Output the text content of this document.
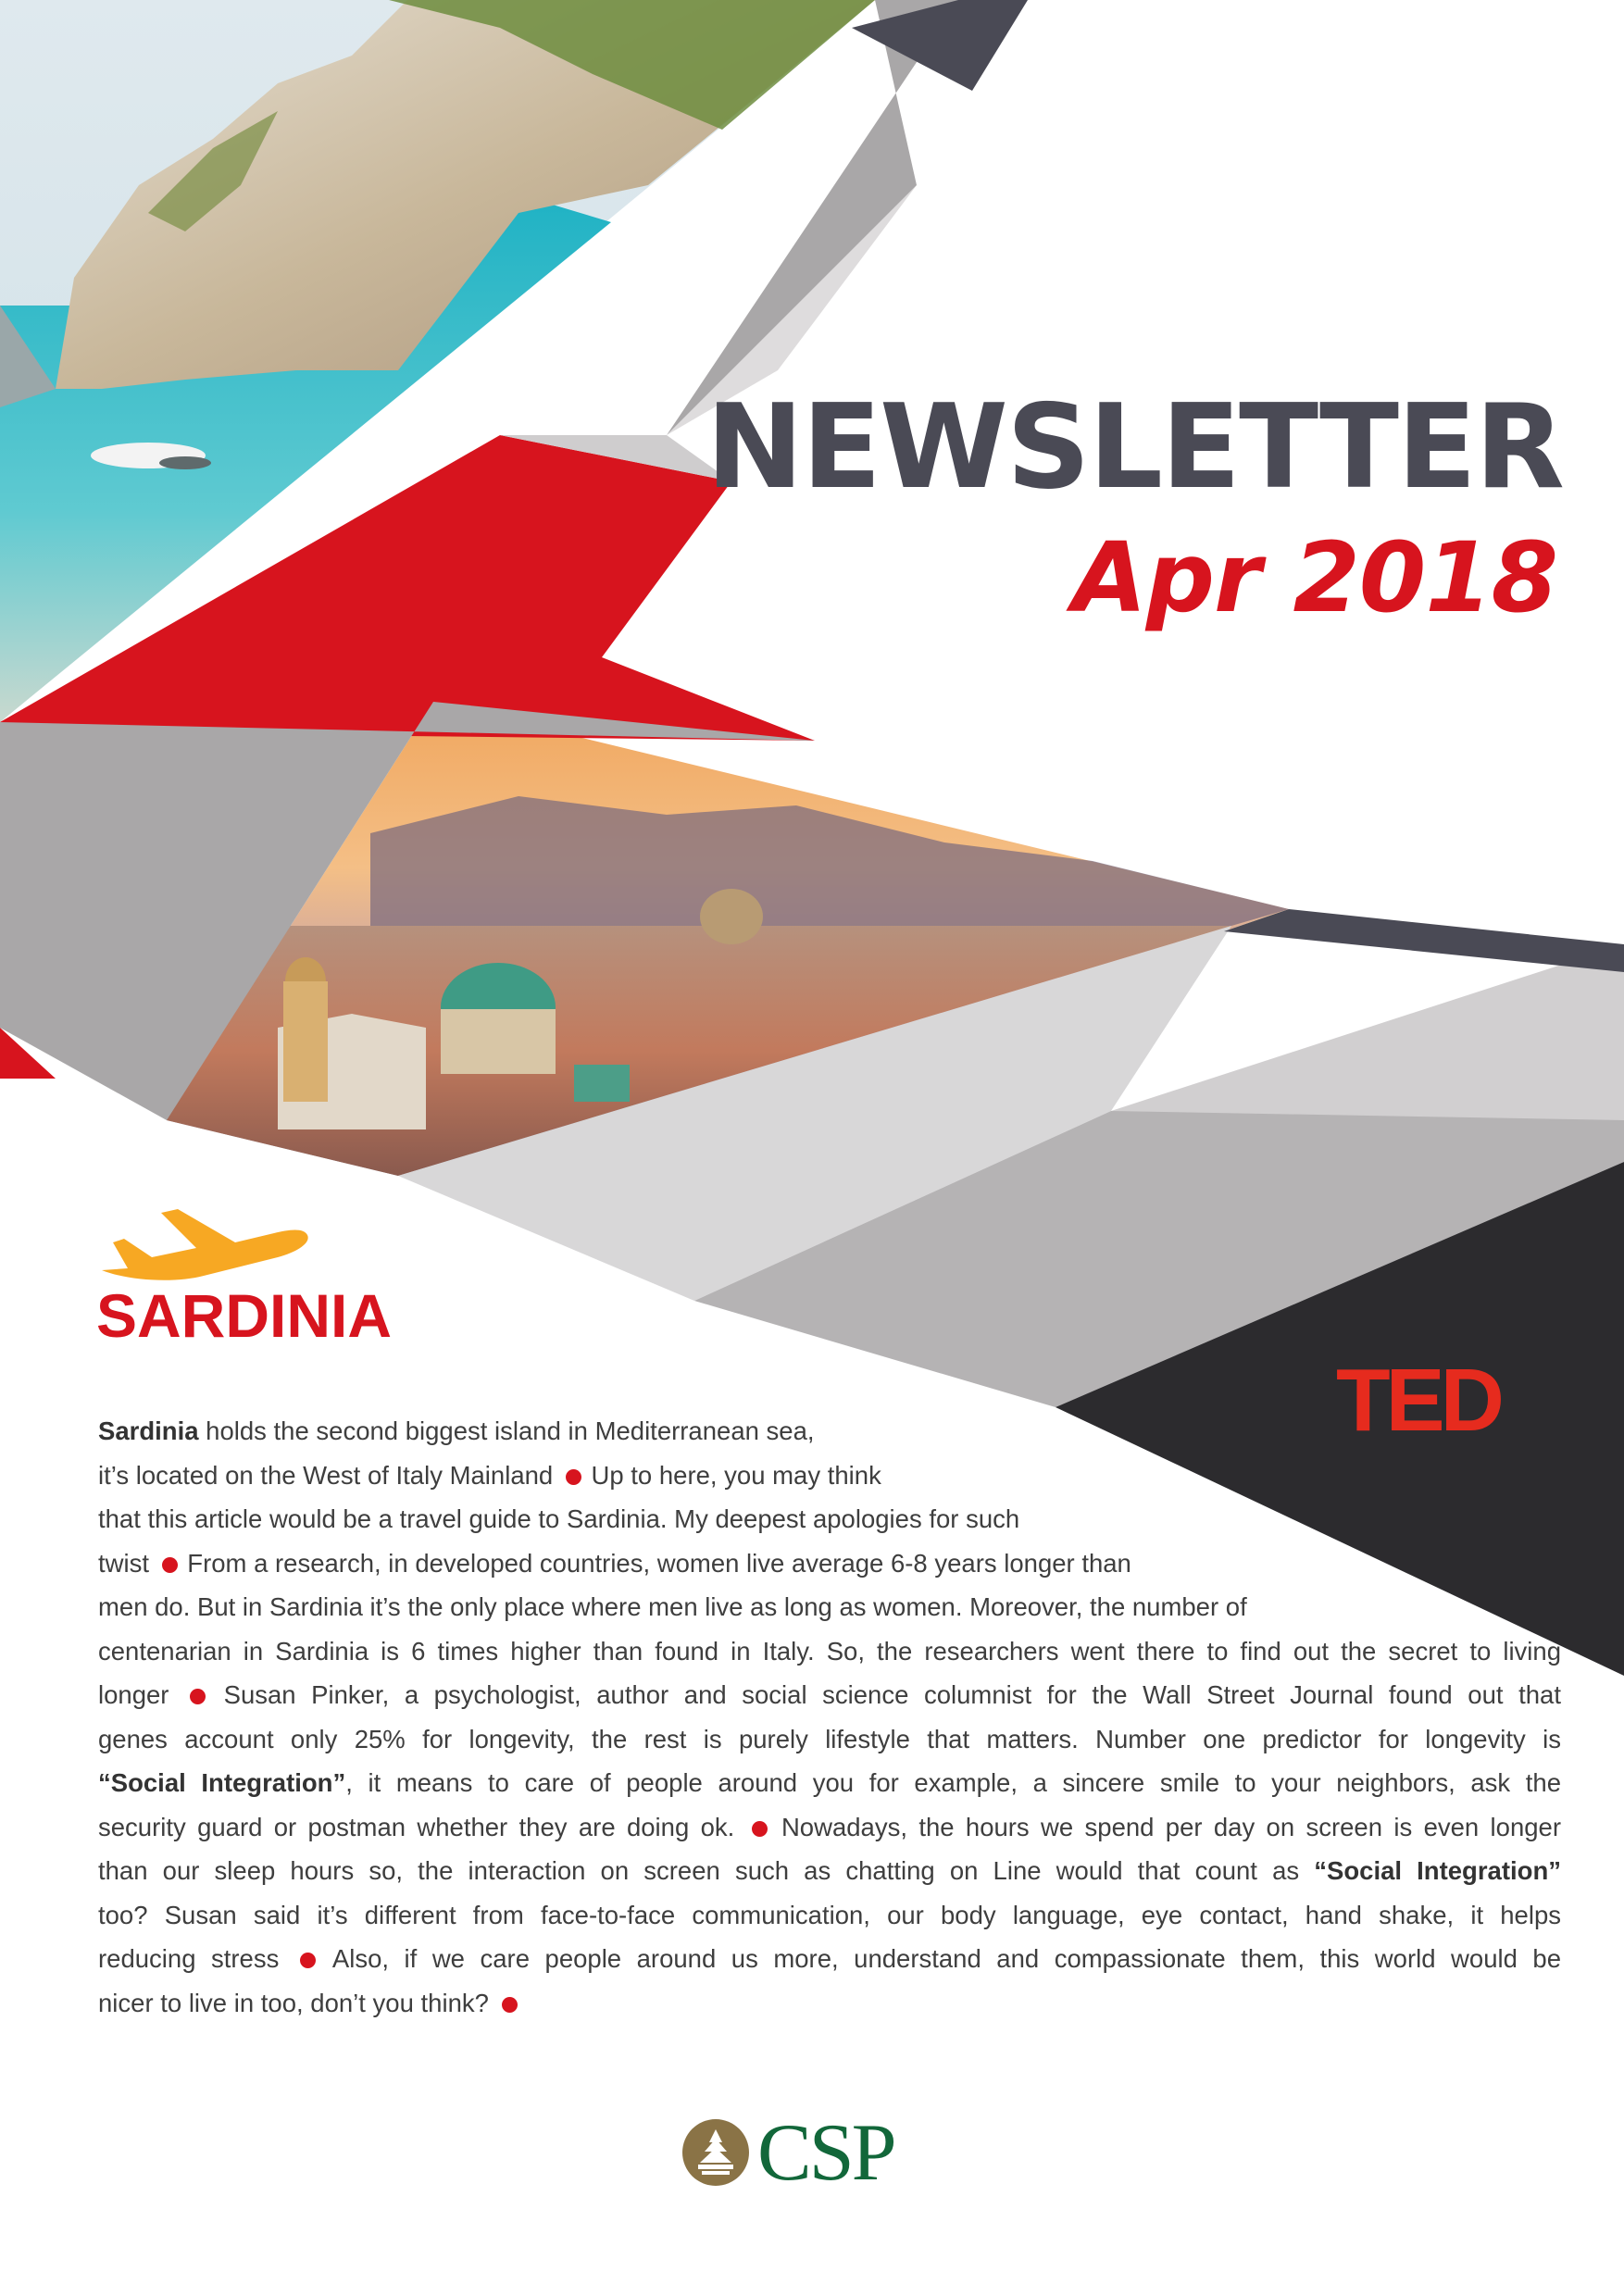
NEWSLETTER
Apr 2018
SARDINIA
TED
Sardinia holds the second biggest island in Mediterranean sea,
it’s located on the West of Italy Mainland  Up to here, you may think
that this article would be a travel guide to Sardinia. My deepest apologies for such
twist  From a research, in developed countries, women live average 6-8 years longer than
men do. But in Sardinia it’s the only place where men live as long as women. Moreover, the number of
centenarian in Sardinia is 6 times higher than found in Italy. So, the researchers went there to find out the secret to living
longer  Susan Pinker, a psychologist, author and social science columnist for the Wall Street Journal found out that
genes account only 25% for longevity, the rest is purely lifestyle that matters. Number one predictor for longevity is
“Social Integration”, it means to care of people around you for example, a sincere smile to your neighbors, ask the
security guard or postman whether they are doing ok.  Nowadays, the hours we spend per day on screen is even longer
than our sleep hours so, the interaction on screen such as chatting on Line would that count as “Social Integration”
too? Susan said it’s different from face-to-face communication, our body language, eye contact, hand shake, it helps
reducing stress  Also, if we care people around us more, understand and compassionate them, this world would be
nicer to live in too, don’t you think?
CSP
